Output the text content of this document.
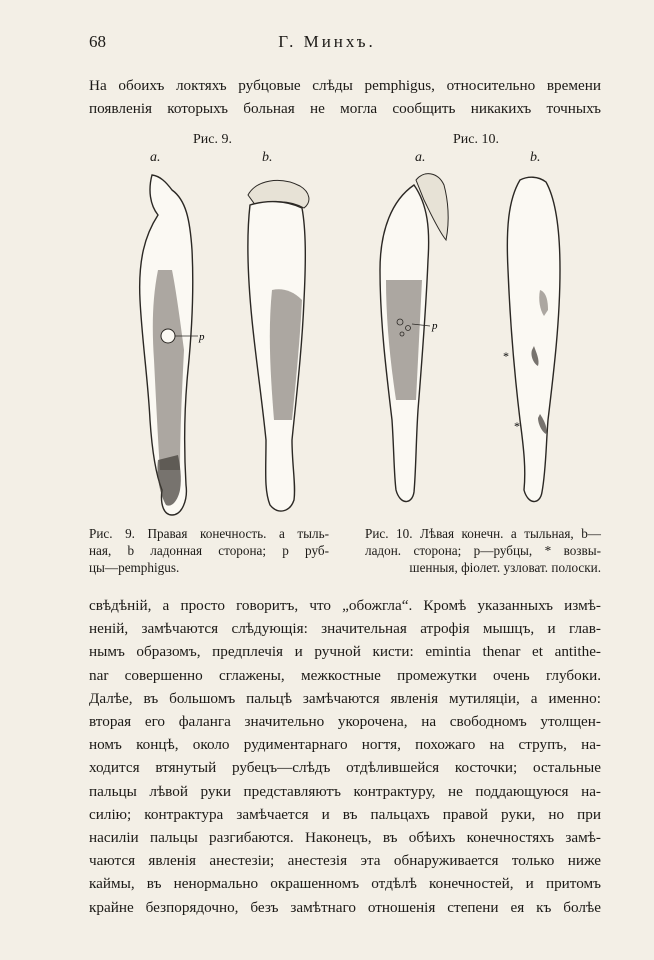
68	Г. Минхъ.

На обоихъ локтяхъ рубцовые слѣды pemphigus, относительно времени
появленія которыхъ больная не могла сообщить никакихъ точныхъ

Рис. 9.	Рис. 10.
a.	b.	a.	b.
p
p
*
*

Рис. 9. Правая конечность. a тыль-
ная, b ладонная сторона; p руб-
цы—pemphigus.

Рис. 10. Лѣвая конечн. a тыльная, b—
ладон. сторона; p—рубцы, * возвы-
шенныя, фіолет. узловат. полоски.

свѣдѣній, а просто говоритъ, что „обожгла“. Кромѣ указанныхъ измѣ-
неній, замѣчаются слѣдующія: значительная атрофія мышцъ, и глав-
нымъ образомъ, предплечія и ручной кисти: emintia thenar et antithe-
nar совершенно сглажены, межкостные промежутки очень глубоки.
Далѣе, въ большомъ пальцѣ замѣчаются явленія мутиляціи, а именно:
вторая его фаланга значительно укорочена, на свободномъ утолщен-
номъ концѣ, около рудиментарнаго ногтя, похожаго на струпъ, на-
ходится втянутый рубецъ—слѣдъ отдѣлившейся косточки; остальные
пальцы лѣвой руки представляютъ контрактуру, не поддающуюся на-
силію; контрактура замѣчается и въ пальцахъ правой руки, но при
насиліи пальцы разгибаются. Наконецъ, въ обѣихъ конечностяхъ замѣ-
чаются явленія анестезіи; анестезія эта обнаруживается только ниже
каймы, въ ненормально окрашенномъ отдѣлѣ конечностей, и притомъ
крайне безпорядочно, безъ замѣтнаго отношенія степени ея къ болѣе
